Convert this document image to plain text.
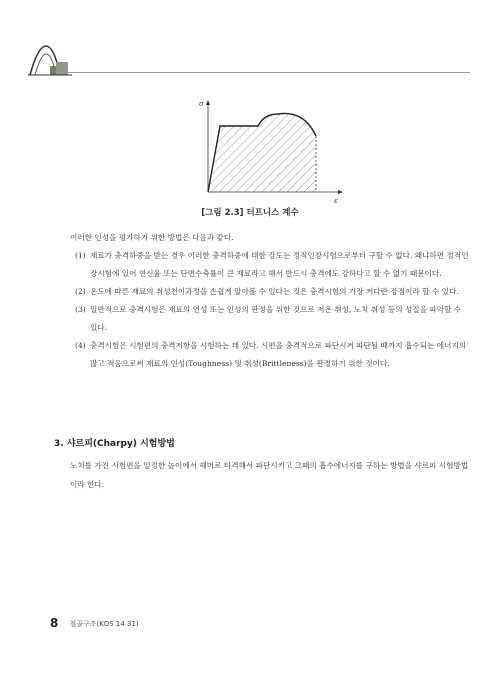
σ
ε
[그림 2.3] 터프니스 계수
이러한 인성을 평가하기 위한 방법은 다음과 같다.
(1) 재료가 충격하중을 받는 경우 이러한 충격하중에 대한 강도는 정적인장시험으로부터 구할 수 없다. 왜냐하면 정적인장시험에 있어 연신율 또는 단면수축률이 큰 재료라고 해서 반드시 충격에도 강하다고 할 수 없기 때문이다.
(2) 온도에 따른 재료의 취성천이과정을 손쉽게 알아볼 수 있다는 것은 충격시험의 가장 커다란 장점이라 할 수 있다.
(3) 일반적으로 충격시험은 재료의 연성 또는 인성의 판정을 위한 것으로 저온 취성, 노치 취성 등의 성질을 파악할 수 있다.
(4) 충격시험은 시험편의 충격저항을 시험하는 데 있다. 시편을 충격적으로 파단시켜 파단될 때까지 흡수되는 에너지의 많고 적음으로써 재료의 인성(Toughness) 및 취성(Brittleness)을 판정하기 위한 것이다.
3. 샤르피(Charpy) 시험방법
노치를 가진 시험편을 일정한 높이에서 해머로 타격해서 파단시키고 그때의 흡수에너지를 구하는 방법을 샤르피 시험방법이라 한다.
8 철골구조(KDS 14 31)
